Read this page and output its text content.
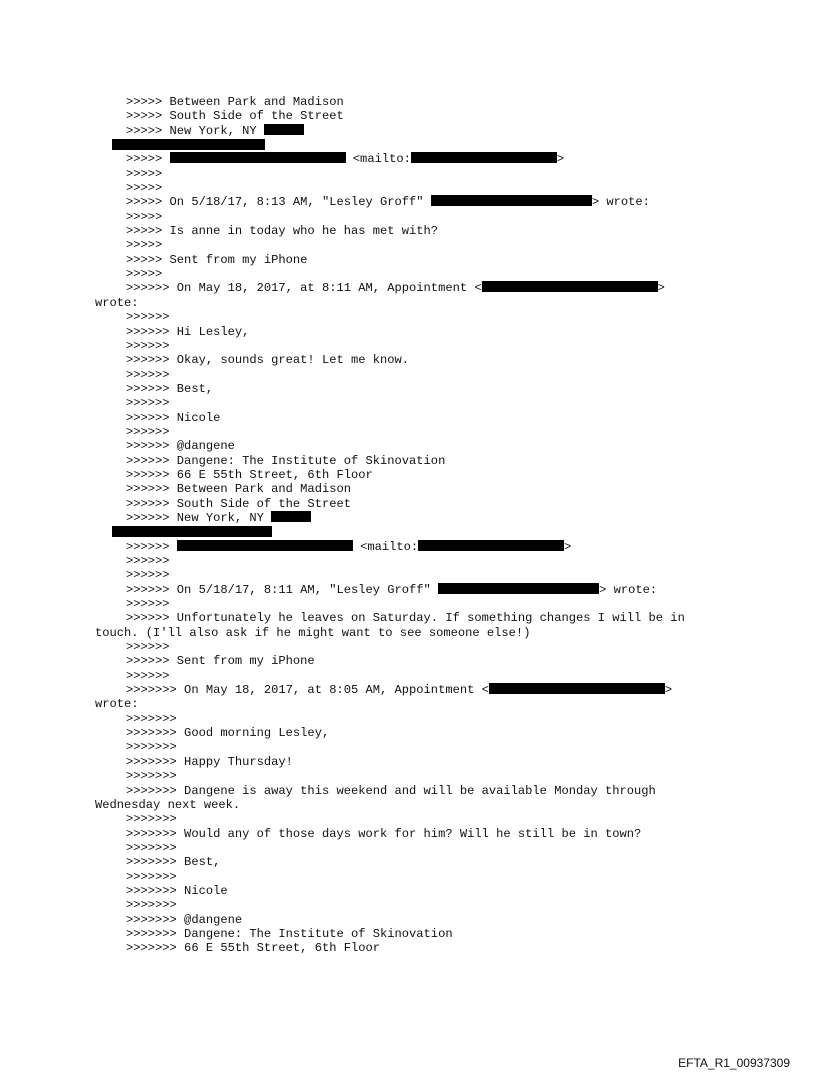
>>>>> Between Park and Madison
>>>>> South Side of the Street
>>>>> New York, NY
>>>>>	<mailto:	>
>>>>>
>>>>>
>>>>> On 5/18/17, 8:13 AM, "Lesley Groff"	> wrote:
>>>>>
>>>>> Is anne in today who he has met with?
>>>>>
>>>>> Sent from my iPhone
>>>>>
>>>>>> On May 18, 2017, at 8:11 AM, Appointment <	>
wrote:
>>>>>>
>>>>>> Hi Lesley,
>>>>>>
>>>>>> Okay, sounds great! Let me know.
>>>>>>
>>>>>> Best,
>>>>>>
>>>>>> Nicole
>>>>>>
>>>>>> @dangene
>>>>>> Dangene: The Institute of Skinovation
>>>>>> 66 E 55th Street, 6th Floor
>>>>>> Between Park and Madison
>>>>>> South Side of the Street
>>>>>> New York, NY
>>>>>>	<mailto:	>
>>>>>>
>>>>>>
>>>>>> On 5/18/17, 8:11 AM, "Lesley Groff"	> wrote:
>>>>>>
>>>>>> Unfortunately he leaves on Saturday. If something changes I will be in
touch. (I'll also ask if he might want to see someone else!)
>>>>>>
>>>>>> Sent from my iPhone
>>>>>>
>>>>>>> On May 18, 2017, at 8:05 AM, Appointment <	>
wrote:
>>>>>>>
>>>>>>> Good morning Lesley,
>>>>>>>
>>>>>>> Happy Thursday!
>>>>>>>
>>>>>>> Dangene is away this weekend and will be available Monday through
Wednesday next week.
>>>>>>>
>>>>>>> Would any of those days work for him? Will he still be in town?
>>>>>>>
>>>>>>> Best,
>>>>>>>
>>>>>>> Nicole
>>>>>>>
>>>>>>> @dangene
>>>>>>> Dangene: The Institute of Skinovation
>>>>>>> 66 E 55th Street, 6th Floor
EFTA_R1_00937309
